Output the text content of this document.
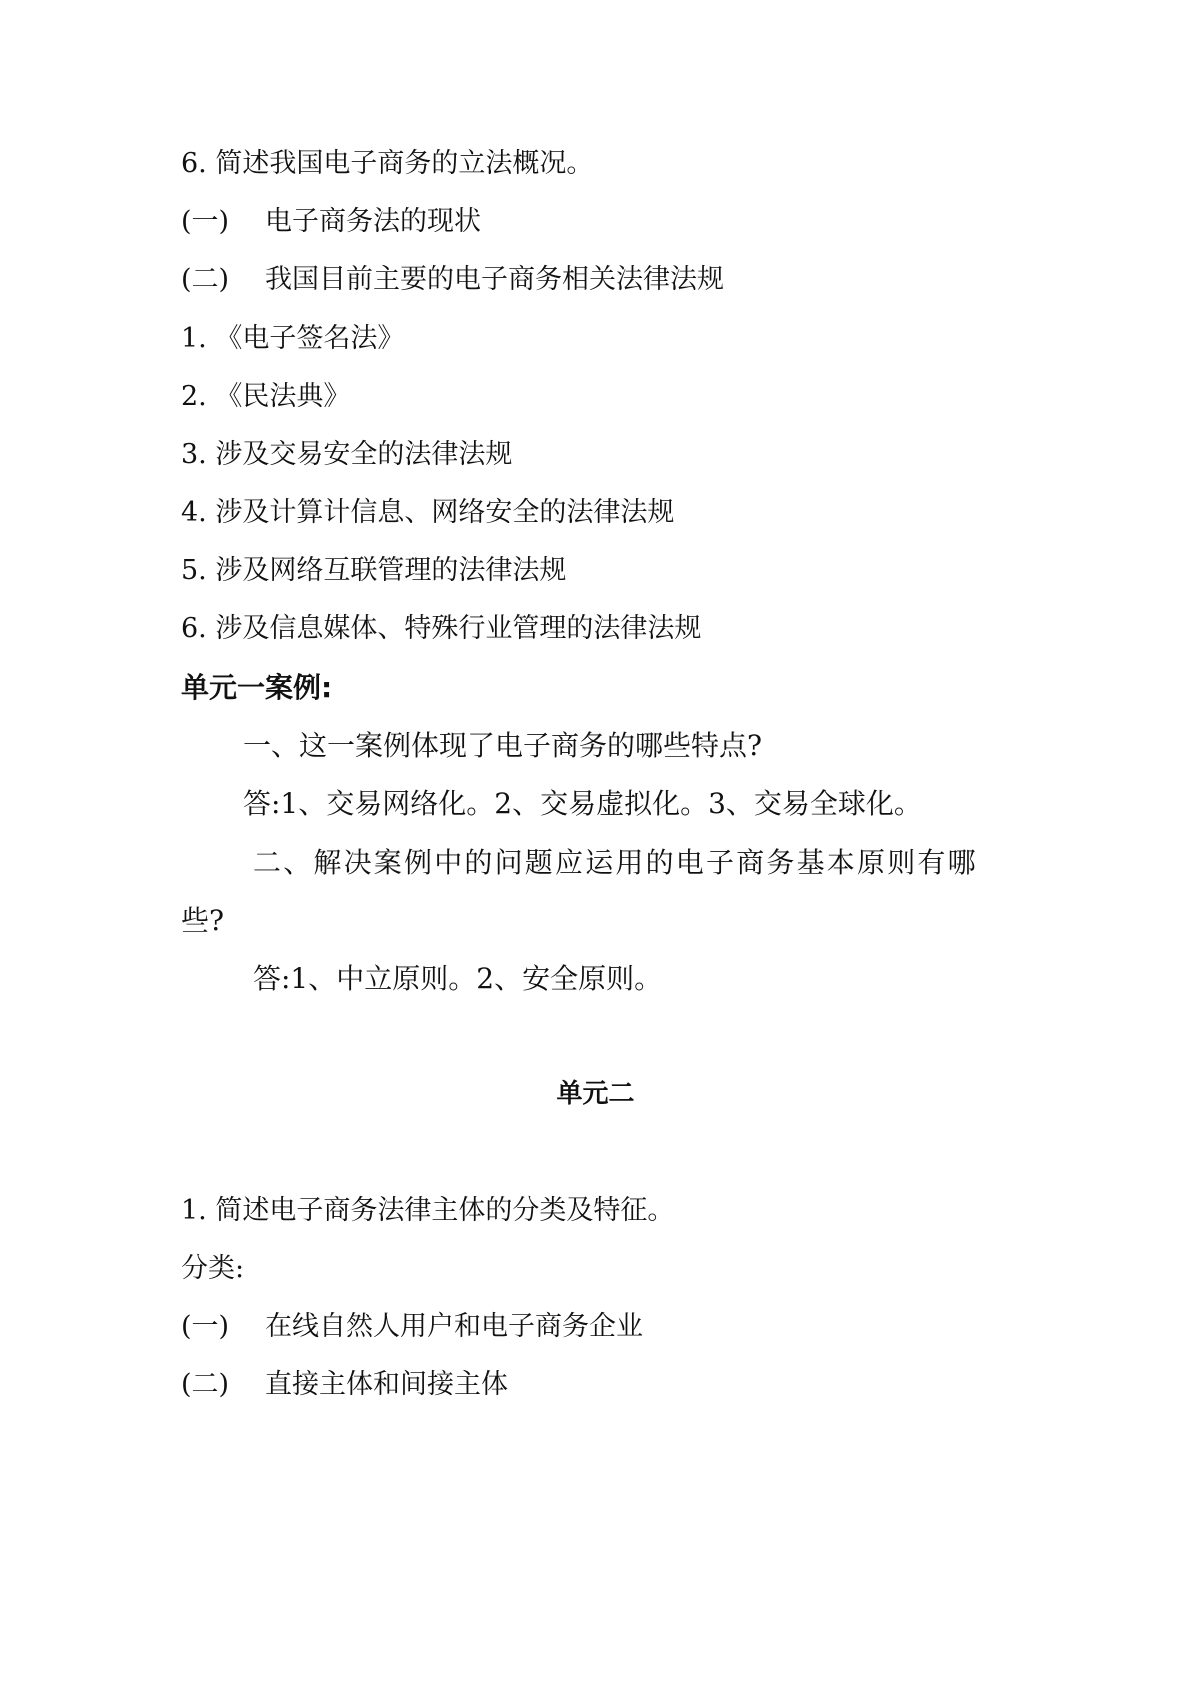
6. 简述我国电子商务的立法概况。

(一) 电子商务法的现状

(二) 我国目前主要的电子商务相关法律法规

1. 《电子签名法》

2. 《民法典》

3. 涉及交易安全的法律法规

4. 涉及计算计信息、网络安全的法律法规

5. 涉及网络互联管理的法律法规

6. 涉及信息媒体、特殊行业管理的法律法规

单元一案例:

一、这一案例体现了电子商务的哪些特点?

答:1、交易网络化。2、交易虚拟化。3、交易全球化。

二、解决案例中的问题应运用的电子商务基本原则有哪

些?

答:1、中立原则。2、安全原则。

单元二

1. 简述电子商务法律主体的分类及特征。

分类:

(一) 在线自然人用户和电子商务企业

(二) 直接主体和间接主体
